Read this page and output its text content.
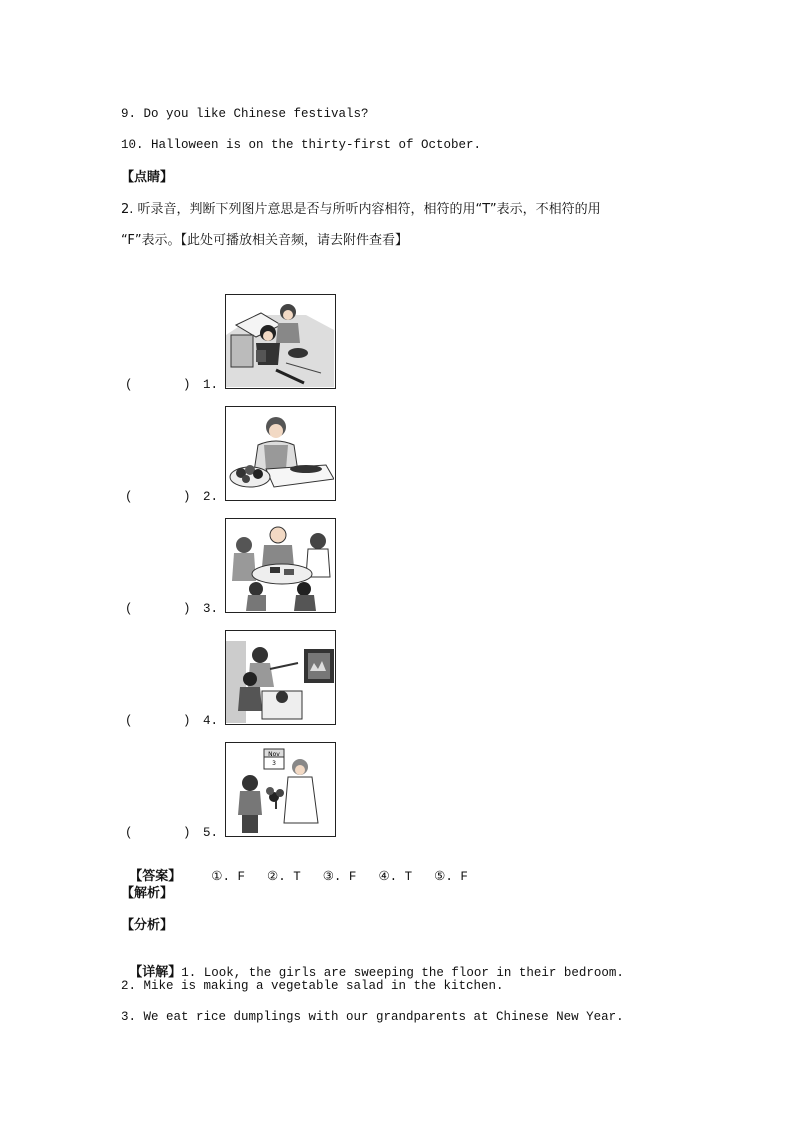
9. Do you like Chinese festivals?
10. Halloween is on the thirty-first of October.
【点睛】
2. 听录音，判断下列图片意思是否与所听内容相符，相符的用“T”表示，不相符的用
“F”表示。【此处可播放相关音频，请去附件查看】
(	) 1.
(	) 2.
(	) 3.
(	) 4.
(	) 5.
Nov
3

【答案】 ①. F ②. T ③. F ④. T ⑤. F

【解析】
【分析】

【详解】1. Look, the girls are sweeping the floor in their bedroom.

2. Mike is making a vegetable salad in the kitchen.
3. We eat rice dumplings with our grandparents at Chinese New Year.
